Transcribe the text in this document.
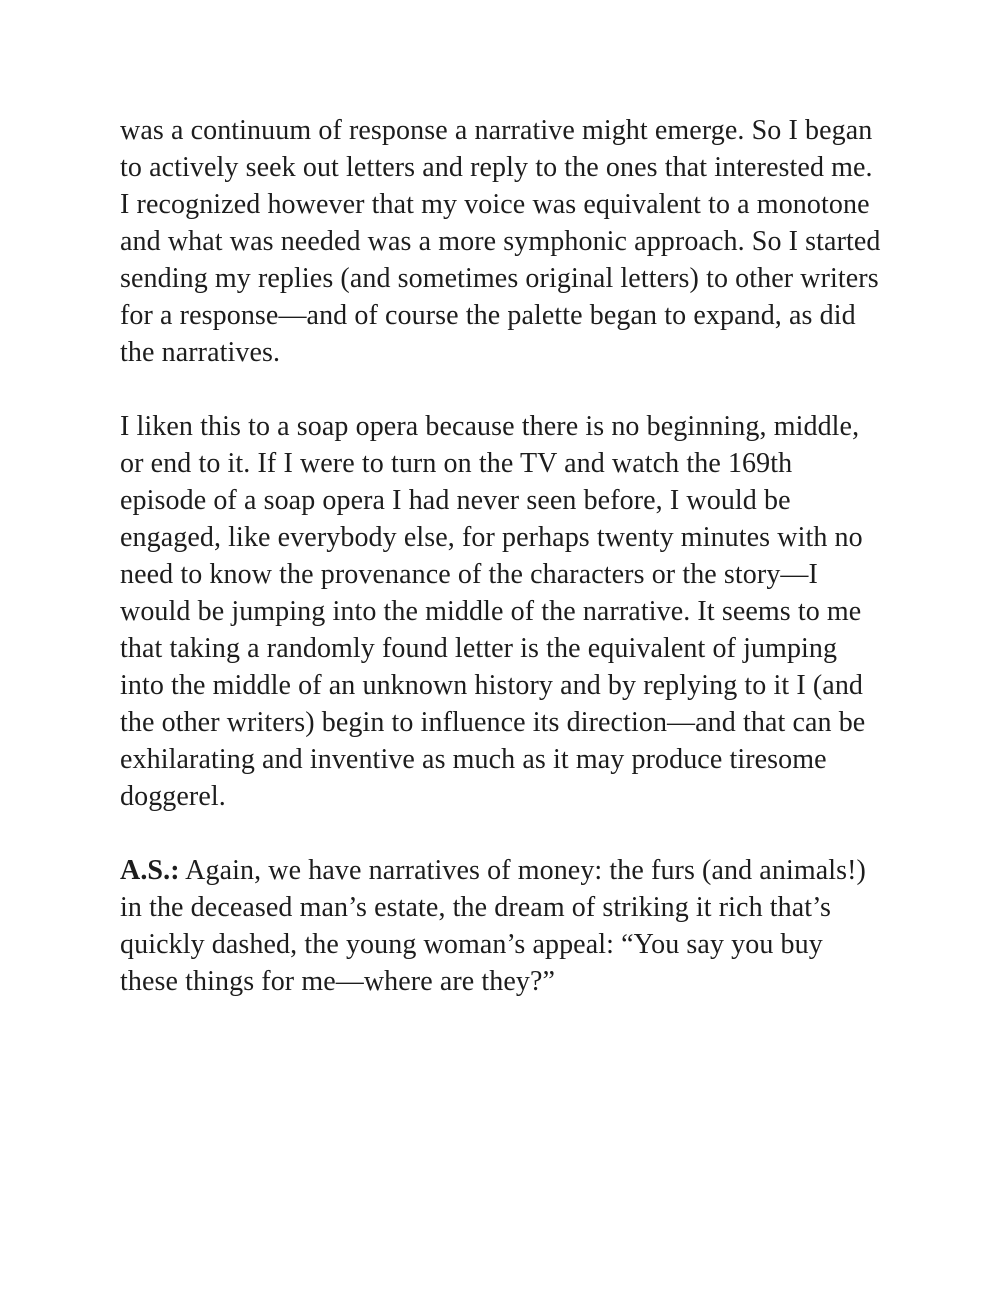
was a continuum of response a narrative might emerge. So I began to actively seek out letters and reply to the ones that interested me. I recognized however that my voice was equivalent to a monotone and what was needed was a more symphonic approach. So I started sending my replies (and sometimes original letters) to other writers for a response—and of course the palette began to expand, as did the narratives.

I liken this to a soap opera because there is no beginning, middle, or end to it. If I were to turn on the TV and watch the 169th episode of a soap opera I had never seen before, I would be engaged, like everybody else, for perhaps twenty minutes with no need to know the provenance of the characters or the story—I would be jumping into the middle of the narrative. It seems to me that taking a randomly found letter is the equivalent of jumping into the middle of an unknown history and by replying to it I (and the other writers) begin to influence its direction—and that can be exhilarating and inventive as much as it may produce tiresome doggerel.

A.S.: Again, we have narratives of money: the furs (and animals!) in the deceased man’s estate, the dream of striking it rich that’s quickly dashed, the young woman’s appeal: “You say you buy these things for me—where are they?”
